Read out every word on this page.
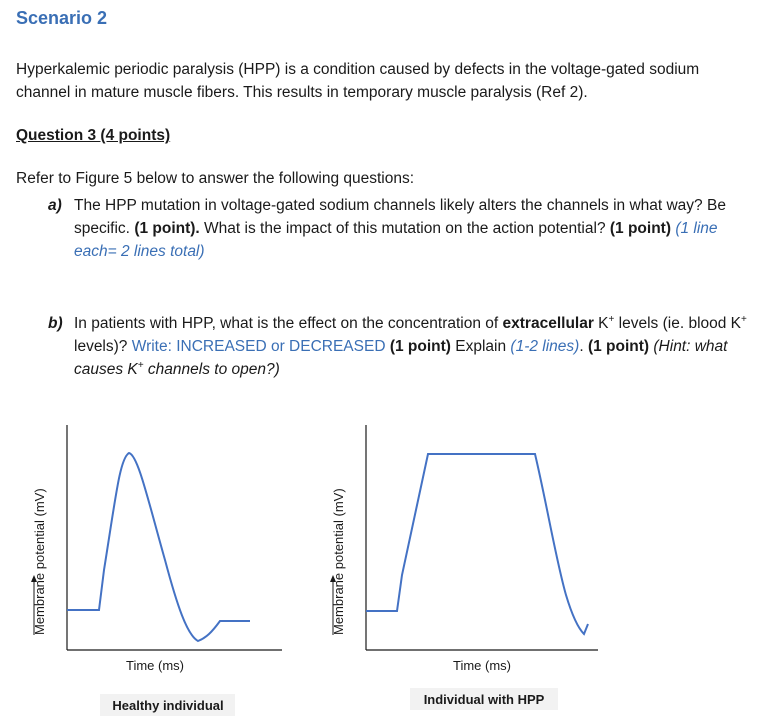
Scenario 2
Hyperkalemic periodic paralysis (HPP) is a condition caused by defects in the voltage-gated sodium channel in mature muscle fibers. This results in temporary muscle paralysis (Ref 2).
Question 3 (4 points)
Refer to Figure 5 below to answer the following questions:
a) The HPP mutation in voltage-gated sodium channels likely alters the channels in what way? Be specific. (1 point). What is the impact of this mutation on the action potential? (1 point) (1 line each= 2 lines total)
b) In patients with HPP, what is the effect on the concentration of extracellular K+ levels (ie. blood K+ levels)? Write: INCREASED or DECREASED (1 point) Explain (1-2 lines). (1 point) (Hint: what causes K+ channels to open?)
Membrane potential (mV)
Time (ms)
Healthy individual
Membrane potential (mV)
Time (ms)
Individual with HPP
